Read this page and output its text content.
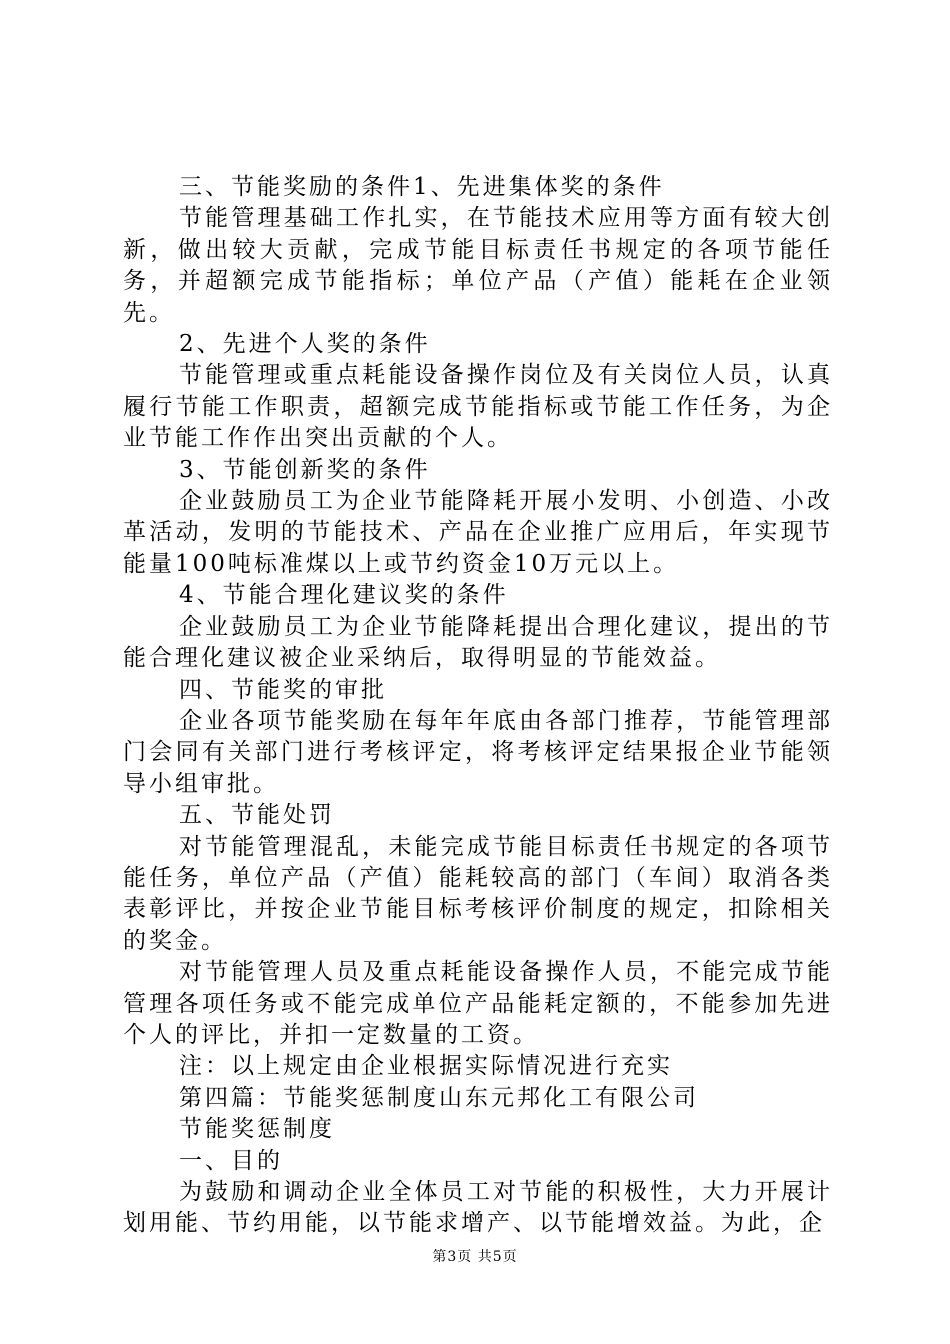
三、节能奖励的条件1、先进集体奖的条件

节能管理基础工作扎实，在节能技术应用等方面有较大创新，做出较大贡献，完成节能目标责任书规定的各项节能任务，并超额完成节能指标；单位产品（产值）能耗在企业领先。

2、先进个人奖的条件

节能管理或重点耗能设备操作岗位及有关岗位人员，认真履行节能工作职责，超额完成节能指标或节能工作任务，为企业节能工作作出突出贡献的个人。

3、节能创新奖的条件

企业鼓励员工为企业节能降耗开展小发明、小创造、小改革活动，发明的节能技术、产品在企业推广应用后，年实现节能量100吨标准煤以上或节约资金10万元以上。

4、节能合理化建议奖的条件

企业鼓励员工为企业节能降耗提出合理化建议，提出的节能合理化建议被企业采纳后，取得明显的节能效益。

四、节能奖的审批

企业各项节能奖励在每年年底由各部门推荐，节能管理部门会同有关部门进行考核评定，将考核评定结果报企业节能领导小组审批。

五、节能处罚

对节能管理混乱，未能完成节能目标责任书规定的各项节能任务，单位产品（产值）能耗较高的部门（车间）取消各类表彰评比，并按企业节能目标考核评价制度的规定，扣除相关的奖金。

对节能管理人员及重点耗能设备操作人员，不能完成节能管理各项任务或不能完成单位产品能耗定额的，不能参加先进个人的评比，并扣一定数量的工资。

注：以上规定由企业根据实际情况进行充实

第四篇：节能奖惩制度山东元邦化工有限公司

节能奖惩制度

一、目的

为鼓励和调动企业全体员工对节能的积极性，大力开展计划用能、节约用能，以节能求增产、以节能增效益。为此，企

第3页 共5页
